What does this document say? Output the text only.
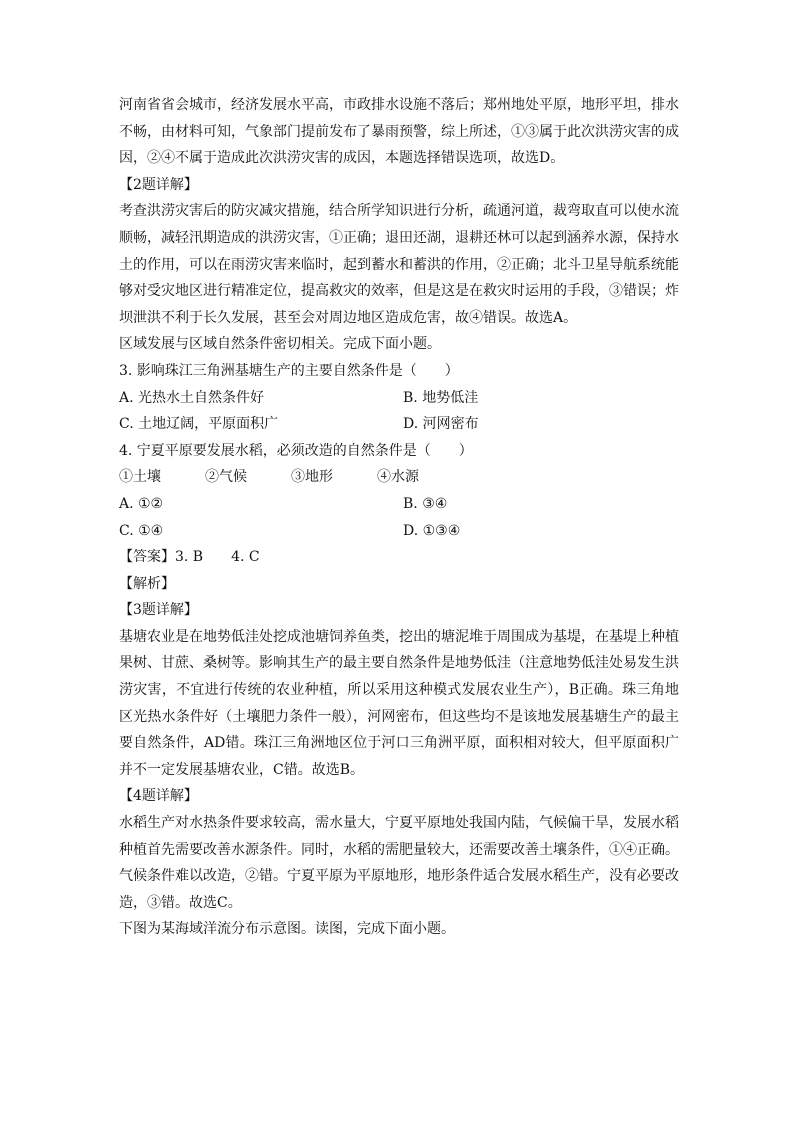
河南省省会城市，经济发展水平高，市政排水设施不落后；郑州地处平原，地形平坦，排水不畅，由材料可知，气象部门提前发布了暴雨预警，综上所述，①③属于此次洪涝灾害的成因，②④不属于造成此次洪涝灾害的成因，本题选择错误选项，故选D。

【2题详解】

考查洪涝灾害后的防灾减灾措施，结合所学知识进行分析，疏通河道，裁弯取直可以使水流顺畅，减轻汛期造成的洪涝灾害，①正确；退田还湖，退耕还林可以起到涵养水源，保持水土的作用，可以在雨涝灾害来临时，起到蓄水和蓄洪的作用，②正确；北斗卫星导航系统能够对受灾地区进行精准定位，提高救灾的效率，但是这是在救灾时运用的手段，③错误；炸坝泄洪不利于长久发展，甚至会对周边地区造成危害，故④错误。故选A。

区域发展与区域自然条件密切相关。完成下面小题。
3. 影响珠江三角洲基塘生产的主要自然条件是（　　）
A. 光热水土自然条件好	B. 地势低洼
C. 土地辽阔，平原面积广	D. 河网密布
4. 宁夏平原要发展水稻，必须改造的自然条件是（　　）
①土壤	②气候	③地形	④水源
A. ①②	B. ③④
C. ①④	D. ①③④
【答案】3. B　　4. C
【解析】
【3题详解】

基塘农业是在地势低洼处挖成池塘饲养鱼类，挖出的塘泥堆于周围成为基堤，在基堤上种植果树、甘蔗、桑树等。影响其生产的最主要自然条件是地势低洼（注意地势低洼处易发生洪涝灾害，不宜进行传统的农业种植，所以采用这种模式发展农业生产），B正确。珠三角地区光热水条件好（土壤肥力条件一般），河网密布，但这些均不是该地发展基塘生产的最主要自然条件，AD错。珠江三角洲地区位于河口三角洲平原，面积相对较大，但平原面积广并不一定发展基塘农业，C错。故选B。

【4题详解】

水稻生产对水热条件要求较高，需水量大，宁夏平原地处我国内陆，气候偏干旱，发展水稻种植首先需要改善水源条件。同时，水稻的需肥量较大，还需要改善土壤条件，①④正确。气候条件难以改造，②错。宁夏平原为平原地形，地形条件适合发展水稻生产，没有必要改造，③错。故选C。

下图为某海域洋流分布示意图。读图，完成下面小题。
